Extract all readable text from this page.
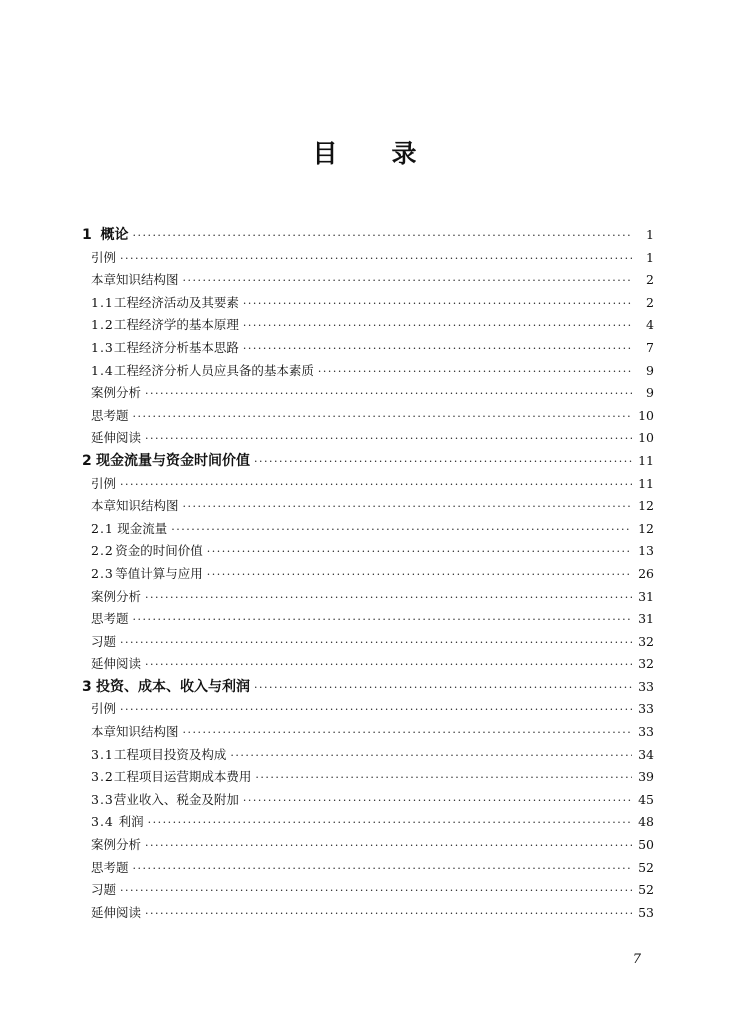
目 录
1 概论 ·····	1
引例 ·····	1
本章知识结构图 ·····	2
1.1 工程经济活动及其要素 ·····	2
1.2 工程经济学的基本原理 ·····	4
1.3 工程经济分析基本思路 ·····	7
1.4 工程经济分析人员应具备的基本素质 ·····	9
案例分析 ·····	9
思考题 ·····	10
延伸阅读 ·····	10
2 现金流量与资金时间价值 ·····	11
引例 ·····	11
本章知识结构图 ·····	12
2.1 现金流量 ·····	12
2.2 资金的时间价值 ·····	13
2.3 等值计算与应用 ·····	26
案例分析 ·····	31
思考题 ·····	31
习题 ·····	32
延伸阅读 ·····	32
3 投资、成本、收入与利润 ·····	33
引例 ·····	33
本章知识结构图 ·····	33
3.1 工程项目投资及构成 ·····	34
3.2 工程项目运营期成本费用 ·····	39
3.3 营业收入、税金及附加 ·····	45
3.4 利润 ·····	48
案例分析 ·····	50
思考题 ·····	52
习题 ·····	52
延伸阅读 ·····	53
7
